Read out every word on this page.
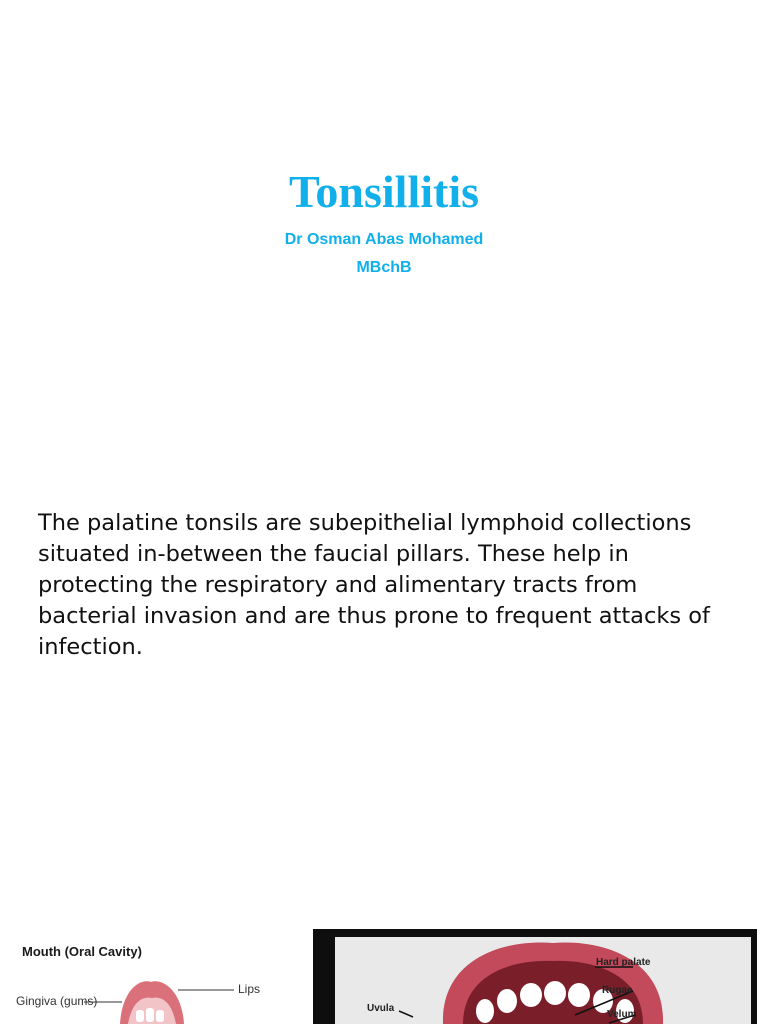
Tonsillitis
Dr Osman Abas Mohamed
MBchB

The palatine tonsils are subepithelial lymphoid collections situated in-between the faucial pillars. These help in protecting the respiratory and alimentary tracts from bacterial invasion and are thus prone to frequent attacks of infection.

Mouth (Oral Cavity)
Lips
Gingiva (gums)
Hard palate
Rugae
Velum
Uvula
